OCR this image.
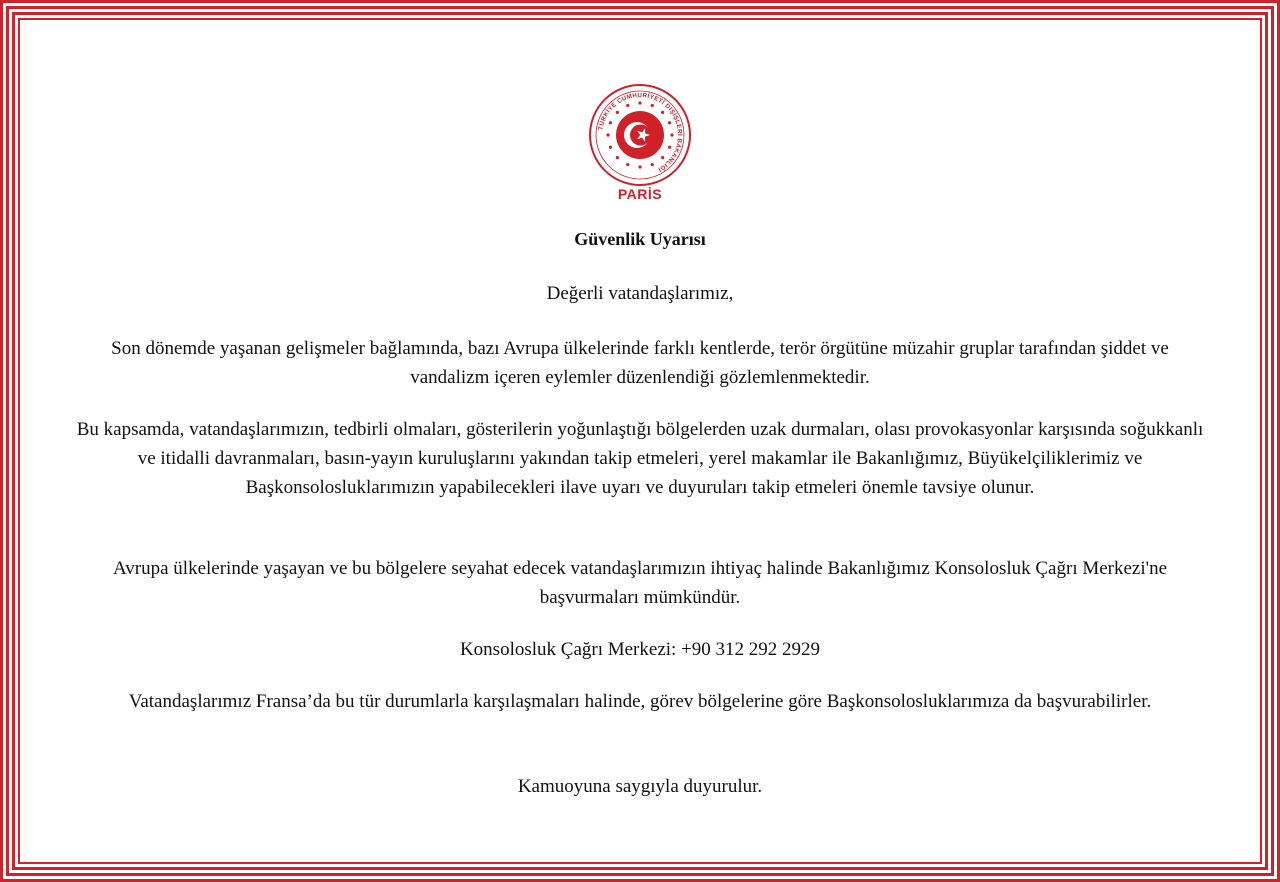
TÜRKİYE CUMHURİYETİ DIŞİŞLERİ BAKANLIĞI
PARİS
Güvenlik Uyarısı
Değerli vatandaşlarımız,
Son dönemde yaşanan gelişmeler bağlamında, bazı Avrupa ülkelerinde farklı kentlerde, terör örgütüne müzahir gruplar tarafından şiddet ve vandalizm içeren eylemler düzenlendiği gözlemlenmektedir.
Bu kapsamda, vatandaşlarımızın, tedbirli olmaları, gösterilerin yoğunlaştığı bölgelerden uzak durmaları, olası provokasyonlar karşısında soğukkanlı ve itidalli davranmaları, basın-yayın kuruluşlarını yakından takip etmeleri, yerel makamlar ile Bakanlığımız, Büyükelçiliklerimiz ve Başkonsolosluklarımızın yapabilecekleri ilave uyarı ve duyuruları takip etmeleri önemle tavsiye olunur.
Avrupa ülkelerinde yaşayan ve bu bölgelere seyahat edecek vatandaşlarımızın ihtiyaç halinde Bakanlığımız Konsolosluk Çağrı Merkezi'ne başvurmaları mümkündür.
Konsolosluk Çağrı Merkezi: +90 312 292 2929
Vatandaşlarımız Fransa’da bu tür durumlarla karşılaşmaları halinde, görev bölgelerine göre Başkonsolosluklarımıza da başvurabilirler.
Kamuoyuna saygıyla duyurulur.
